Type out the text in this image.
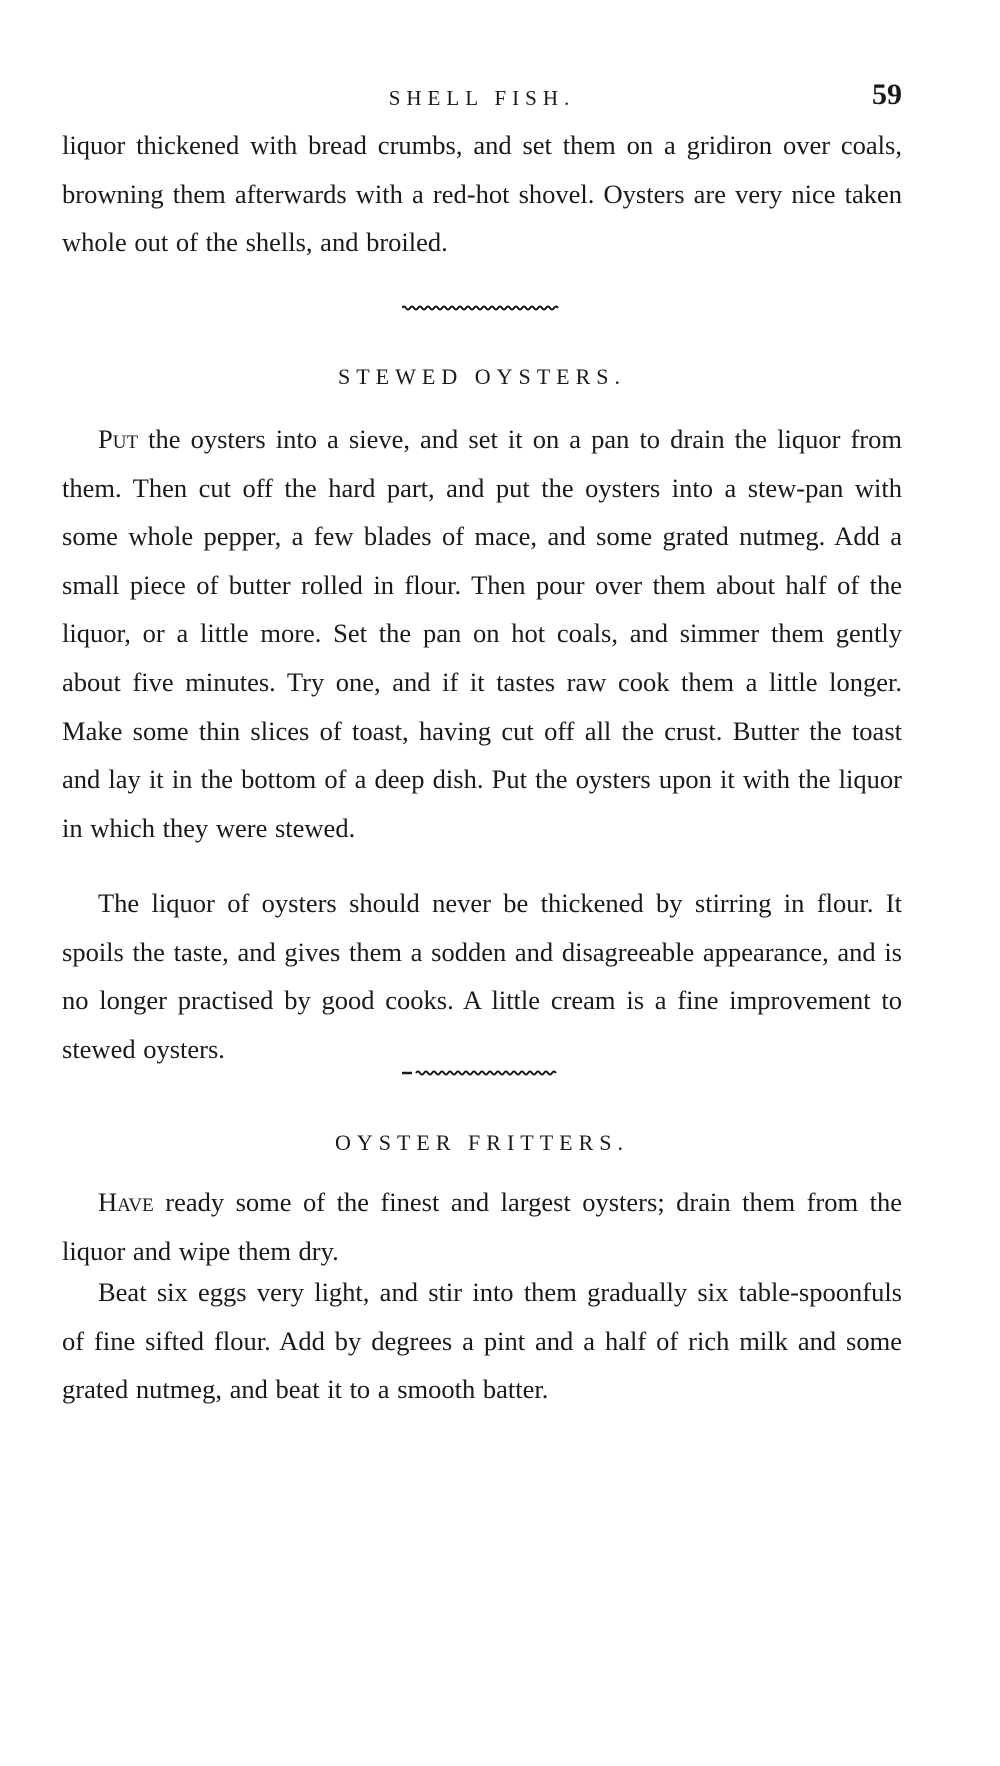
SHELL FISH.	59

liquor thickened with bread crumbs, and set them on a gridiron over coals, browning them afterwards with a red-hot shovel. Oysters are very nice taken whole out of the shells, and broiled.

STEWED OYSTERS.

Put the oysters into a sieve, and set it on a pan to drain the liquor from them. Then cut off the hard part, and put the oysters into a stew-pan with some whole pepper, a few blades of mace, and some grated nutmeg. Add a small piece of butter rolled in flour. Then pour over them about half of the liquor, or a little more. Set the pan on hot coals, and simmer them gently about five minutes. Try one, and if it tastes raw cook them a little longer. Make some thin slices of toast, having cut off all the crust. Butter the toast and lay it in the bottom of a deep dish. Put the oysters upon it with the liquor in which they were stewed.

The liquor of oysters should never be thickened by stirring in flour. It spoils the taste, and gives them a sodden and disagreeable appearance, and is no longer practised by good cooks. A little cream is a fine improvement to stewed oysters.

OYSTER FRITTERS.

Have ready some of the finest and largest oysters; drain them from the liquor and wipe them dry.

Beat six eggs very light, and stir into them gradually six table-spoonfuls of fine sifted flour. Add by degrees a pint and a half of rich milk and some grated nutmeg, and beat it to a smooth batter.
